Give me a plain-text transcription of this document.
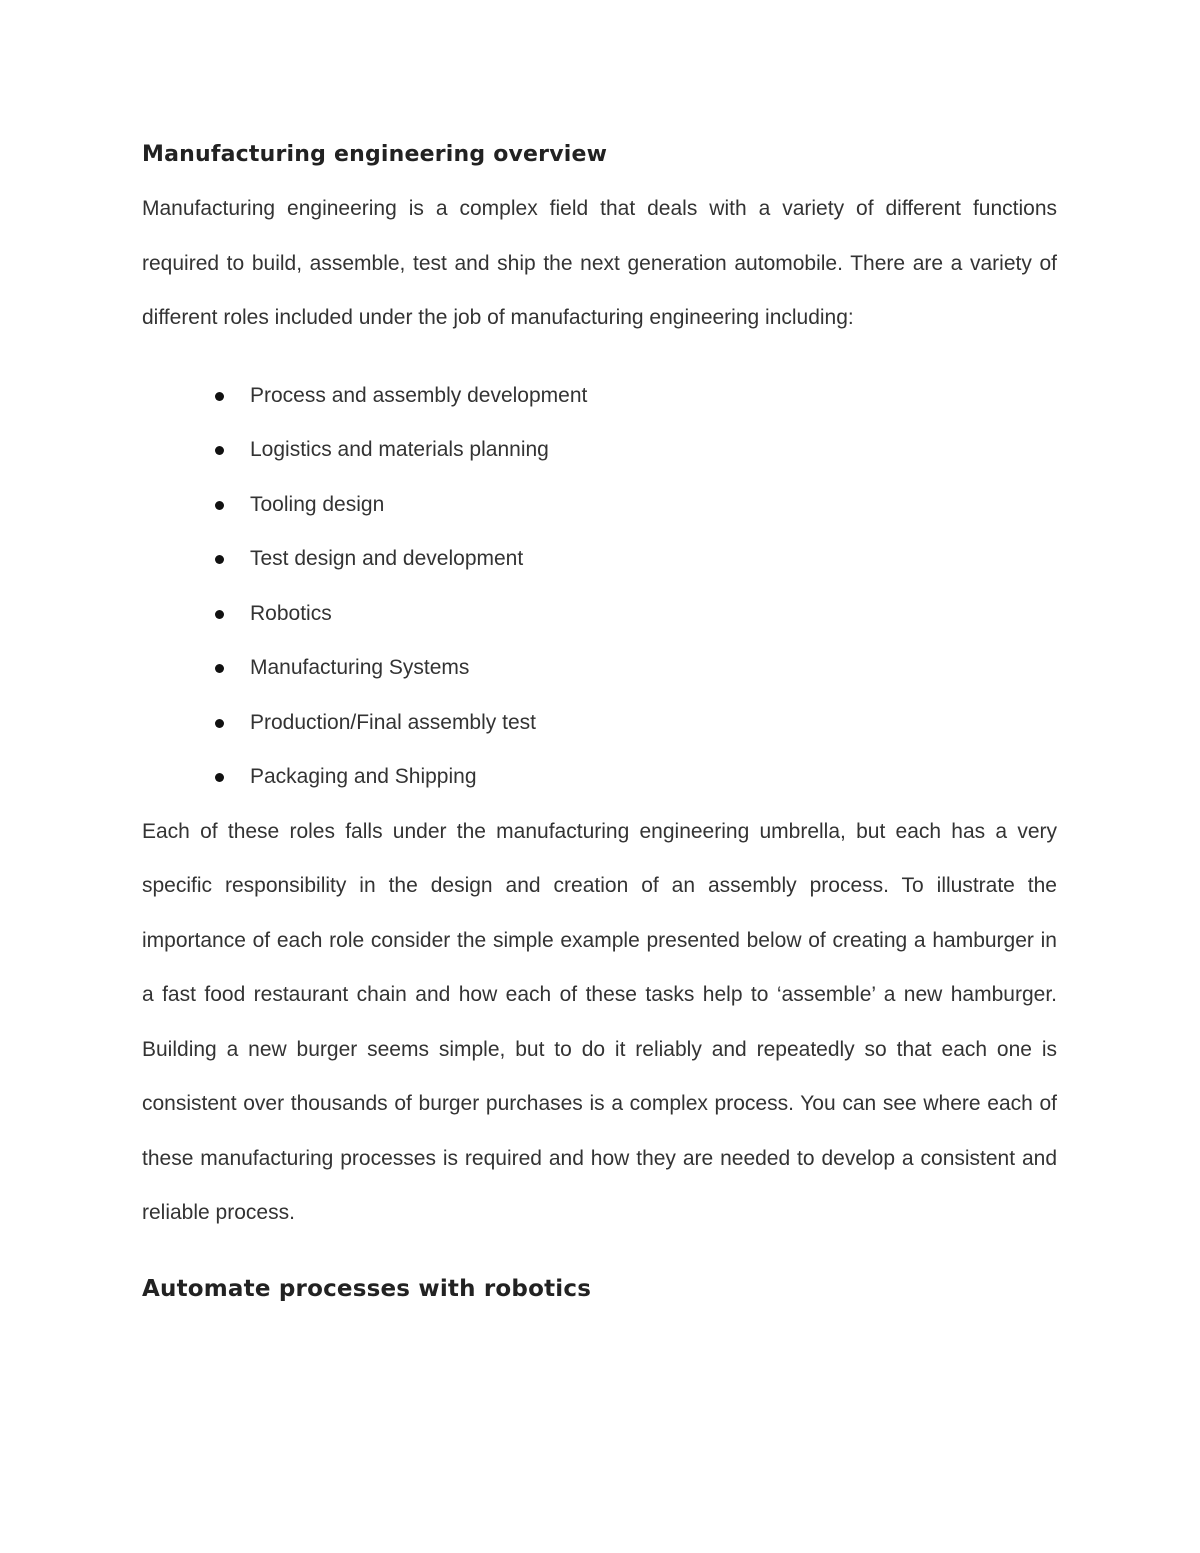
Manufacturing engineering overview

Manufacturing engineering is a complex field that deals with a variety of different functions required to build, assemble, test and ship the next generation automobile. There are a variety of different roles included under the job of manufacturing engineering including:

Process and assembly development
Logistics and materials planning
Tooling design
Test design and development
Robotics
Manufacturing Systems
Production/Final assembly test
Packaging and Shipping

Each of these roles falls under the manufacturing engineering umbrella, but each has a very specific responsibility in the design and creation of an assembly process. To illustrate the importance of each role consider the simple example presented below of creating a hamburger in a fast food restaurant chain and how each of these tasks help to ‘assemble’ a new hamburger. Building a new burger seems simple, but to do it reliably and repeatedly so that each one is consistent over thousands of burger purchases is a complex process. You can see where each of these manufacturing processes is required and how they are needed to develop a consistent and reliable process.

Automate processes with robotics
